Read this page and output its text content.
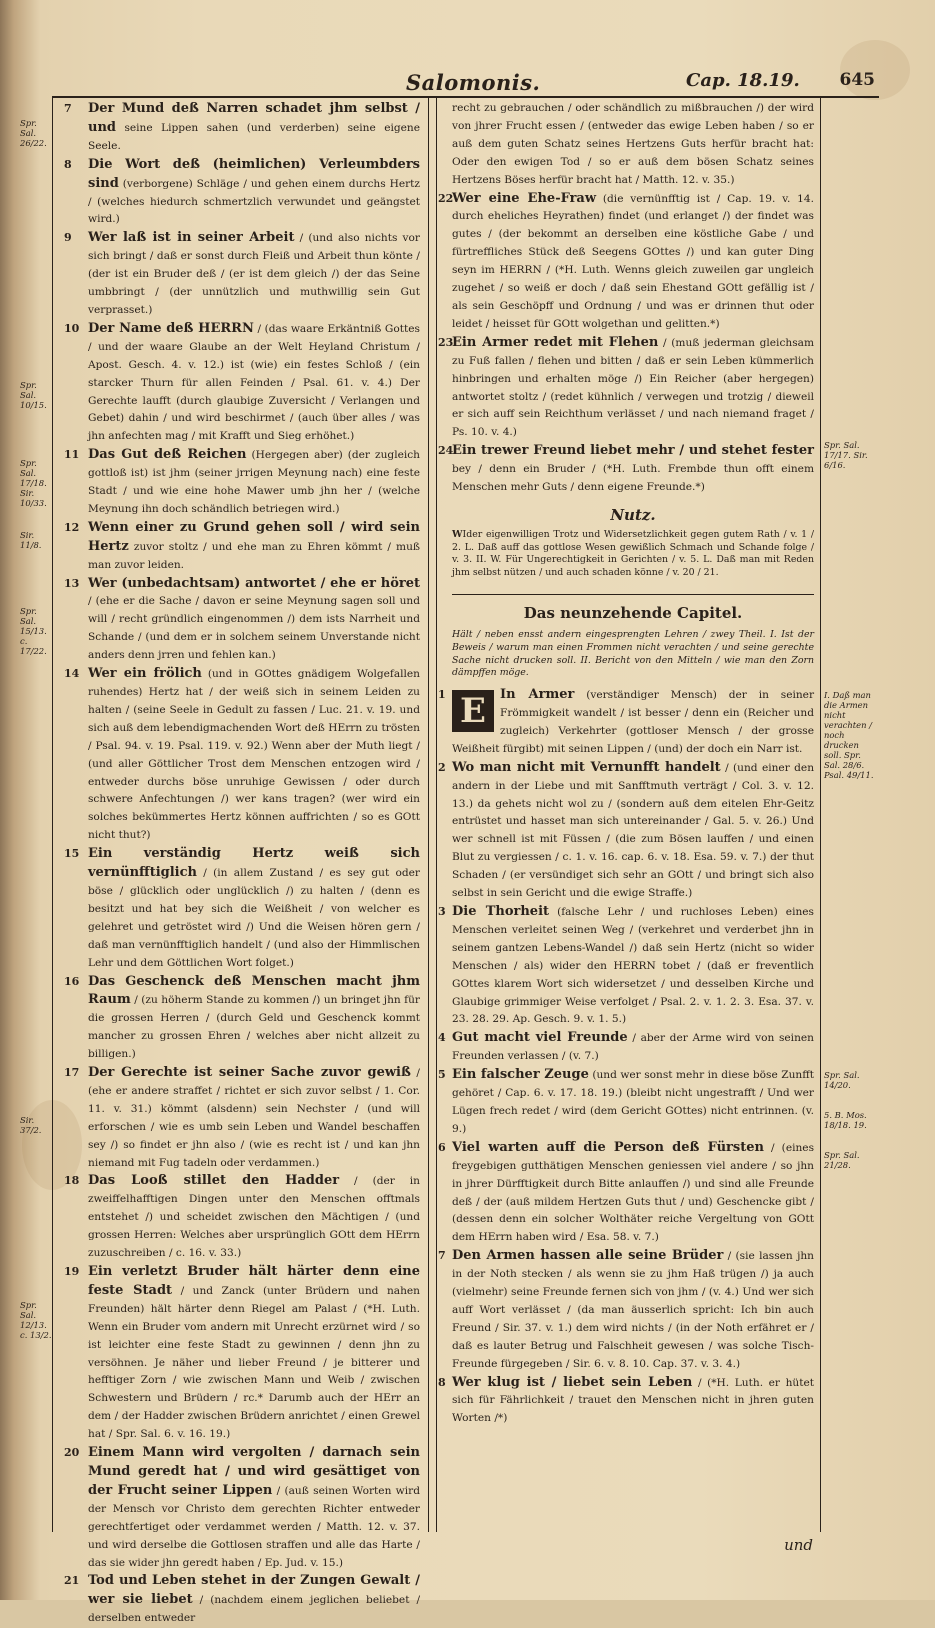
Salomonis.	Cap. 18.19. 645
Spr. Sal. 26/22.
Spr. Sal. 10/15.
Spr. Sal. 17/18. Sir. 10/33.
Sir. 11/8.
Spr. Sal. 15/13. c. 17/22.
Sir. 37/2.
Spr. Sal. 12/13. c. 13/2.
Spr. Sal. 17/17. Sir. 6/16.
I. Daß man die Armen nicht verachten / noch drucken soll. Spr. Sal. 28/6. Psal. 49/11.
Spr. Sal. 14/20.
5. B. Mos. 18/18. 19.
Spr. Sal. 21/28.

7 Der Mund deß Narren schadet jhm selbst / und seine Lippen sahen (und verderben) seine eigene Seele.

8 Die Wort deß (heimlichen) Verleumbders sind (verborgene) Schläge / und gehen einem durchs Hertz / (welches hiedurch schmertzlich verwundet und geängstet wird.)

9 Wer laß ist in seiner Arbeit / (und also nichts vor sich bringt / daß er sonst durch Fleiß und Arbeit thun könte / (der ist ein Bruder deß / (er ist dem gleich /) der das Seine umbbringt / (der unnützlich und muthwillig sein Gut verprasset.)

10 Der Name deß HERRN / (das waare Erkäntniß Gottes / und der waare Glaube an der Welt Heyland Christum / Apost. Gesch. 4. v. 12.) ist (wie) ein festes Schloß / (ein starcker Thurn für allen Feinden / Psal. 61. v. 4.) Der Gerechte laufft (durch glaubige Zuversicht / Verlangen und Gebet) dahin / und wird beschirmet / (auch über alles / was jhn anfechten mag / mit Krafft und Sieg erhöhet.)

11 Das Gut deß Reichen (Hergegen aber) (der zugleich gottloß ist) ist jhm (seiner jrrigen Meynung nach) eine feste Stadt / und wie eine hohe Mawer umb jhn her / (welche Meynung ihn doch schändlich betriegen wird.)

12 Wenn einer zu Grund gehen soll / wird sein Hertz zuvor stoltz / und ehe man zu Ehren kömmt / muß man zuvor leiden.

13 Wer (unbedachtsam) antwortet / ehe er höret / (ehe er die Sache / davon er seine Meynung sagen soll und will / recht gründlich eingenommen /) dem ists Narrheit und Schande / (und dem er in solchem seinem Unverstande nicht anders denn jrren und fehlen kan.)

14 Wer ein frölich (und in GOttes gnädigem Wolgefallen ruhendes) Hertz hat / der weiß sich in seinem Leiden zu halten / (seine Seele in Gedult zu fassen / Luc. 21. v. 19. und sich auß dem lebendigmachenden Wort deß HErrn zu trösten / Psal. 94. v. 19. Psal. 119. v. 92.) Wenn aber der Muth liegt / (und aller Göttlicher Trost dem Menschen entzogen wird / entweder durchs böse unruhige Gewissen / oder durch schwere Anfechtungen /) wer kans tragen? (wer wird ein solches bekümmertes Hertz können auffrichten / so es GOtt nicht thut?)

15 Ein verständig Hertz weiß sich vernünfftiglich / (in allem Zustand / es sey gut oder böse / glücklich oder unglücklich /) zu halten / (denn es besitzt und hat bey sich die Weißheit / von welcher es gelehret und getröstet wird /) Und die Weisen hören gern / daß man vernünfftiglich handelt / (und also der Himmlischen Lehr und dem Göttlichen Wort folget.)

16 Das Geschenck deß Menschen macht jhm Raum / (zu höherm Stande zu kommen /) un bringet jhn für die grossen Herren / (durch Geld und Geschenck kommt mancher zu grossen Ehren / welches aber nicht allzeit zu billigen.)

17 Der Gerechte ist seiner Sache zuvor gewiß / (ehe er andere straffet / richtet er sich zuvor selbst / 1. Cor. 11. v. 31.) kömmt (alsdenn) sein Nechster / (und will erforschen / wie es umb sein Leben und Wandel beschaffen sey /) so findet er jhn also / (wie es recht ist / und kan jhn niemand mit Fug tadeln oder verdammen.)

18 Das Looß stillet den Hadder / (der in zweiffelhafftigen Dingen unter den Menschen offtmals entstehet /) und scheidet zwischen den Mächtigen / (und grossen Herren: Welches aber ursprünglich GOtt dem HErrn zuzuschreiben / c. 16. v. 33.)

19 Ein verletzt Bruder hält härter denn eine feste Stadt / und Zanck (unter Brüdern und nahen Freunden) hält härter denn Riegel am Palast / (*H. Luth. Wenn ein Bruder vom andern mit Unrecht erzürnet wird / so ist leichter eine feste Stadt zu gewinnen / denn jhn zu versöhnen. Je näher und lieber Freund / je bitterer und hefftiger Zorn / wie zwischen Mann und Weib / zwischen Schwestern und Brüdern / rc.* Darumb auch der HErr an dem / der Hadder zwischen Brüdern anrichtet / einen Grewel hat / Spr. Sal. 6. v. 16. 19.)

20 Einem Mann wird vergolten / darnach sein Mund geredt hat / und wird gesättiget von der Frucht seiner Lippen / (auß seinen Worten wird der Mensch vor Christo dem gerechten Richter entweder gerechtfertiget oder verdammet werden / Matth. 12. v. 37. und wird derselbe die Gottlosen straffen und alle das Harte / das sie wider jhn geredt haben / Ep. Jud. v. 15.)

21 Tod und Leben stehet in der Zungen Gewalt / wer sie liebet / (nachdem einem jeglichen beliebet / derselben entweder

recht zu gebrauchen / oder schändlich zu mißbrauchen /) der wird von jhrer Frucht essen / (entweder das ewige Leben haben / so er auß dem guten Schatz seines Hertzens Guts herfür bracht hat: Oder den ewigen Tod / so er auß dem bösen Schatz seines Hertzens Böses herfür bracht hat / Matth. 12. v. 35.)

22
Wer eine Ehe-Fraw (die vernünfftig ist / Cap. 19. v. 14. durch eheliches Heyrathen) findet (und erlanget /) der findet was gutes / (der bekommt an derselben eine köstliche Gabe / und fürtreffliches Stück deß Seegens GOttes /) und kan guter Ding seyn im HERRN / (*H. Luth. Wenns gleich zuweilen gar ungleich zugehet / so weiß er doch / daß sein Ehestand GOtt gefällig ist / als sein Geschöpff und Ordnung / und was er drinnen thut oder leidet / heisset für GOtt wolgethan und gelitten.*)

23
Ein Armer redet mit Flehen / (muß jederman gleichsam zu Fuß fallen / flehen und bitten / daß er sein Leben kümmerlich hinbringen und erhalten möge /) Ein Reicher (aber hergegen) antwortet stoltz / (redet kühnlich / verwegen und trotzig / dieweil er sich auff sein Reichthum verlässet / und nach niemand fraget / Ps. 10. v. 4.)

24
Ein trewer Freund liebet mehr / und stehet fester bey / denn ein Bruder / (*H. Luth. Frembde thun offt einem Menschen mehr Guts / denn eigene Freunde.*)

Nutz.

WIder eigenwilligen Trotz und Widersetzlichkeit gegen gutem Rath / v. 1 / 2. L. Daß auff das gottlose Wesen gewißlich Schmach und Schande folge / v. 3. II. W. Für Ungerechtigkeit in Gerichten / v. 5. L. Daß man mit Reden jhm selbst nützen / und auch schaden könne / v. 20 / 21.

Das neunzehende Capitel.

Hält / neben ensst andern eingesprengten Lehren / zwey Theil. I. Ist der Beweis / warum man einen Frommen nicht verachten / und seine gerechte Sache nicht drucken soll. II. Bericht von den Mitteln / wie man den Zorn dämpffen möge.

1 E	In Armer (verständiger Mensch) der in seiner Frömmigkeit wandelt / ist besser / denn ein (Reicher und zugleich) Verkehrter (gottloser Mensch / der grosse Weißheit fürgibt) mit seinen Lippen / (und) der doch ein Narr ist.

2 Wo man nicht mit Vernunfft handelt / (und einer den andern in der Liebe und mit Sanfftmuth verträgt / Col. 3. v. 12. 13.) da gehets nicht wol zu / (sondern auß dem eitelen Ehr-Geitz entrüstet und hasset man sich untereinander / Gal. 5. v. 26.) Und wer schnell ist mit Füssen / (die zum Bösen lauffen / und einen Blut zu vergiessen / c. 1. v. 16. cap. 6. v. 18. Esa. 59. v. 7.) der thut Schaden / (er versündiget sich sehr an GOtt / und bringt sich also selbst in sein Gericht und die ewige Straffe.)

3 Die Thorheit (falsche Lehr / und ruchloses Leben) eines Menschen verleitet seinen Weg / (verkehret und verderbet jhn in seinem gantzen Lebens-Wandel /) daß sein Hertz (nicht so wider Menschen / als) wider den HERRN tobet / (daß er freventlich GOttes klarem Wort sich widersetzet / und desselben Kirche und Glaubige grimmiger Weise verfolget / Psal. 2. v. 1. 2. 3. Esa. 37. v. 23. 28. 29. Ap. Gesch. 9. v. 1. 5.)

4 Gut macht viel Freunde / aber der Arme wird von seinen Freunden verlassen / (v. 7.)

5 Ein falscher Zeuge (und wer sonst mehr in diese böse Zunfft gehöret / Cap. 6. v. 17. 18. 19.) (bleibt nicht ungestrafft / Und wer Lügen frech redet / wird (dem Gericht GOttes) nicht entrinnen. (v. 9.)

6 Viel warten auff die Person deß Fürsten / (eines freygebigen gutthätigen Menschen geniessen viel andere / so jhn in jhrer Dürfftigkeit durch Bitte anlauffen /) und sind alle Freunde deß / der (auß mildem Hertzen Guts thut / und) Geschencke gibt / (dessen denn ein solcher Wolthäter reiche Vergeltung von GOtt dem HErrn haben wird / Esa. 58. v. 7.)

7 Den Armen hassen alle seine Brüder / (sie lassen jhn in der Noth stecken / als wenn sie zu jhm Haß trügen /) ja auch (vielmehr) seine Freunde fernen sich von jhm / (v. 4.) Und wer sich auff Wort verlässet / (da man äusserlich spricht: Ich bin auch Freund / Sir. 37. v. 1.) dem wird nichts / (in der Noth erfähret er / daß es lauter Betrug und Falschheit gewesen / was solche Tisch-Freunde fürgegeben / Sir. 6. v. 8. 10. Cap. 37. v. 3. 4.)

8 Wer klug ist / liebet sein Leben / (*H. Luth. er hütet sich für Fährlichkeit / trauet den Menschen nicht in jhren guten Worten /*)

und
